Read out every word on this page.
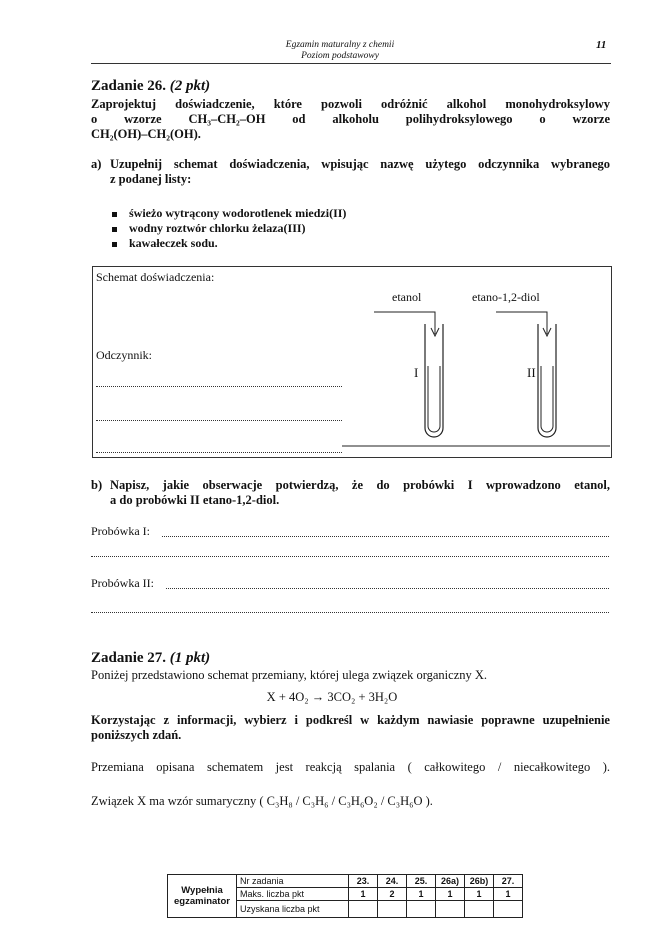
Egzamin maturalny z chemii
Poziom podstawowy
11
Zadanie 26. (2 pkt)
Zaprojektuj doświadczenie, które pozwoli odróżnić alkohol monohydroksylowy
o wzorze CH₃–CH₂–OH od alkoholu polihydroksylowego o wzorze
CH₂(OH)–CH₂(OH).
a) Uzupełnij schemat doświadczenia, wpisując nazwę użytego odczynnika wybranego
z podanej listy:
świeżo wytrącony wodorotlenek miedzi(II)
wodny roztwór chlorku żelaza(III)
kawałeczek sodu.
Schemat doświadczenia:
etanol	etano-1,2-diol
Odczynnik:
I	II
b) Napisz, jakie obserwacje potwierdzą, że do probówki I wprowadzono etanol,
a do probówki II etano-1,2-diol.
Probówka I:
Probówka II:
Zadanie 27. (1 pkt)
Poniżej przedstawiono schemat przemiany, której ulega związek organiczny X.
X + 4O₂ → 3CO₂ + 3H₂O
Korzystając z informacji, wybierz i podkreśl w każdym nawiasie poprawne uzupełnienie
poniższych zdań.
Przemiana opisana schematem jest reakcją spalania ( całkowitego / niecałkowitego ).
Związek X ma wzór sumaryczny ( C₃H₈ / C₃H₆ / C₃H₆O₂ / C₃H₆O ).
Wypełnia
egzaminator	Nr zadania	23.	24.	25.	26a)	26b)	27.
	Maks. liczba pkt	1	2	1	1	1	1
	Uzyskana liczba pkt						
